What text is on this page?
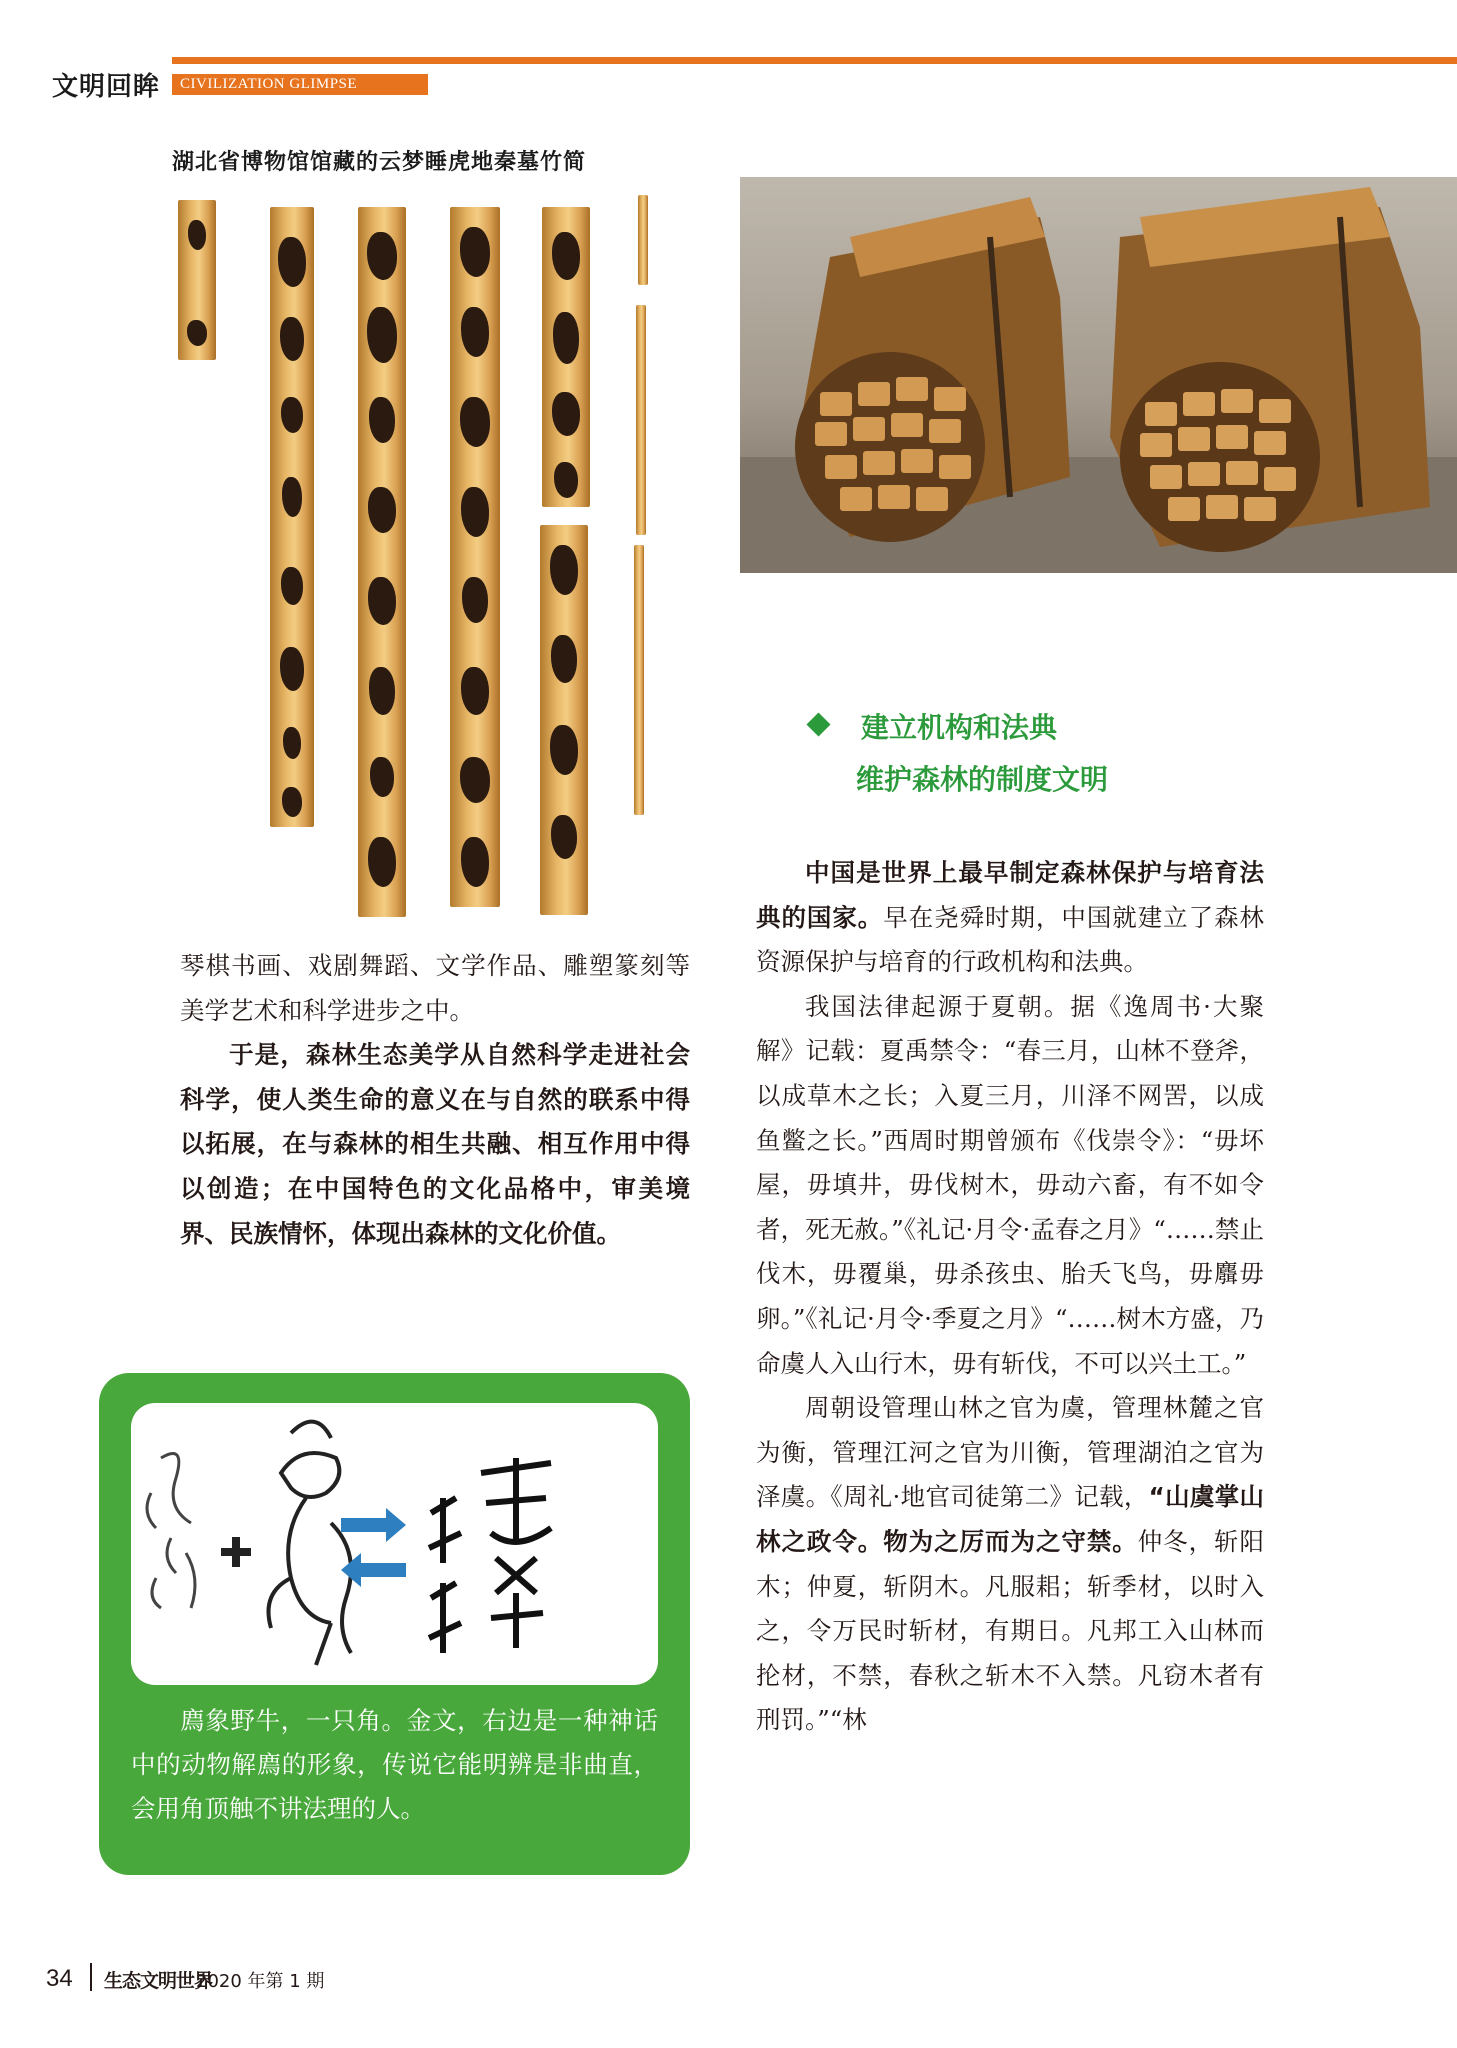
文明回眸	CIVILIZATION GLIMPSE
湖北省博物馆馆藏的云梦睡虎地秦墓竹简

琴棋书画、戏剧舞蹈、文学作品、雕塑篆刻等美学艺术和科学进步之中。

于是，森林生态美学从自然科学走进社会科学，使人类生命的意义在与自然的联系中得以拓展，在与森林的相生共融、相互作用中得以创造；在中国特色的文化品格中，审美境界、民族情怀，体现出森林的文化价值。

廌象野牛，一只角。金文，右边是一种神话中的动物解廌的形象，传说它能明辨是非曲直，会用角顶触不讲法理的人。
建立机构和法典
维护森林的制度文明

中国是世界上最早制定森林保护与培育法典的国家。早在尧舜时期，中国就建立了森林资源保护与培育的行政机构和法典。

我国法律起源于夏朝。据《逸周书·大聚解》记载：夏禹禁令：“春三月，山林不登斧，以成草木之长；入夏三月，川泽不网罟，以成鱼鳖之长。”西周时期曾颁布《伐崇令》：“毋坏屋，毋填井，毋伐树木，毋动六畜，有不如令者，死无赦。”《礼记·月令·孟春之月》“……禁止伐木，毋覆巢，毋杀孩虫、胎夭飞鸟，毋麛毋卵。”《礼记·月令·季夏之月》“……树木方盛，乃命虞人入山行木，毋有斩伐，不可以兴土工。”

周朝设管理山林之官为虞，管理林麓之官为衡，管理江河之官为川衡，管理湖泊之官为泽虞。《周礼·地官司徒第二》记载，“山虞掌山林之政令。物为之厉而为之守禁。仲冬，斩阳木；仲夏，斩阴木。凡服耜；斩季材，以时入之，令万民时斩材，有期日。凡邦工入山林而抡材，不禁，春秋之斩木不入禁。凡窃木者有刑罚。”“林

34 生态文明世界
2020 年第 1 期
